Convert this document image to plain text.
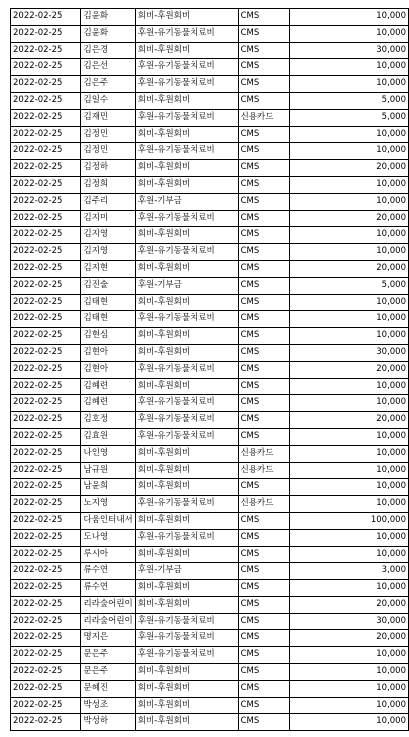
2022-02-25	김윤화	회비-후원회비	CMS	10,000
2022-02-25	김윤화	후원-유기동물치료비	CMS	10,000
2022-02-25	김은경	회비-후원회비	CMS	30,000
2022-02-25	김은선	후원-유기동물치료비	CMS	10,000
2022-02-25	김은주	후원-유기동물치료비	CMS	10,000
2022-02-25	김일수	회비-후원회비	CMS	5,000
2022-02-25	김재민	후원-유기동물치료비	신용카드	5,000
2022-02-25	김정민	회비-후원회비	CMS	10,000
2022-02-25	김정민	후원-유기동물치료비	CMS	10,000
2022-02-25	김정하	회비-후원회비	CMS	20,000
2022-02-25	김정희	회비-후원회비	CMS	10,000
2022-02-25	김주리	후원-기부금	CMS	10,000
2022-02-25	김지미	후원-유기동물치료비	CMS	20,000
2022-02-25	김지영	회비-후원회비	CMS	10,000
2022-02-25	김지영	후원-유기동물치료비	CMS	10,000
2022-02-25	김지현	회비-후원회비	CMS	20,000
2022-02-25	김진술	후원-기부금	CMS	5,000
2022-02-25	김태현	회비-후원회비	CMS	10,000
2022-02-25	김태현	후원-유기동물치료비	CMS	10,000
2022-02-25	김현심	회비-후원회비	CMS	10,000
2022-02-25	김현아	회비-후원회비	CMS	30,000
2022-02-25	김현아	후원-유기동물치료비	CMS	20,000
2022-02-25	김혜련	회비-후원회비	CMS	10,000
2022-02-25	김혜련	후원-유기동물치료비	CMS	10,000
2022-02-25	김호정	후원-유기동물치료비	CMS	20,000
2022-02-25	김효원	후원-유기동물치료비	CMS	10,000
2022-02-25	나인영	회비-후원회비	신용카드	10,000
2022-02-25	남규원	회비-후원회비	신용카드	10,000
2022-02-25	남윤희	회비-후원회비	CMS	10,000
2022-02-25	노지영	후원-유기동물치료비	신용카드	10,000
2022-02-25	다움인터내셔	회비-후원회비	CMS	100,000
2022-02-25	도나영	후원-유기동물치료비	CMS	10,000
2022-02-25	루시아	회비-후원회비	CMS	10,000
2022-02-25	류수연	후원-기부금	CMS	3,000
2022-02-25	류수연	회비-후원회비	CMS	10,000
2022-02-25	리라숲어린이	회비-후원회비	CMS	20,000
2022-02-25	리라숲어린이	후원-유기동물치료비	CMS	30,000
2022-02-25	명지은	후원-유기동물치료비	CMS	20,000
2022-02-25	문은주	후원-유기동물치료비	CMS	10,000
2022-02-25	문은주	회비-후원회비	CMS	10,000
2022-02-25	문혜진	회비-후원회비	CMS	10,000
2022-02-25	박성조	회비-후원회비	CMS	10,000
2022-02-25	박성하	회비-후원회비	CMS	10,000
